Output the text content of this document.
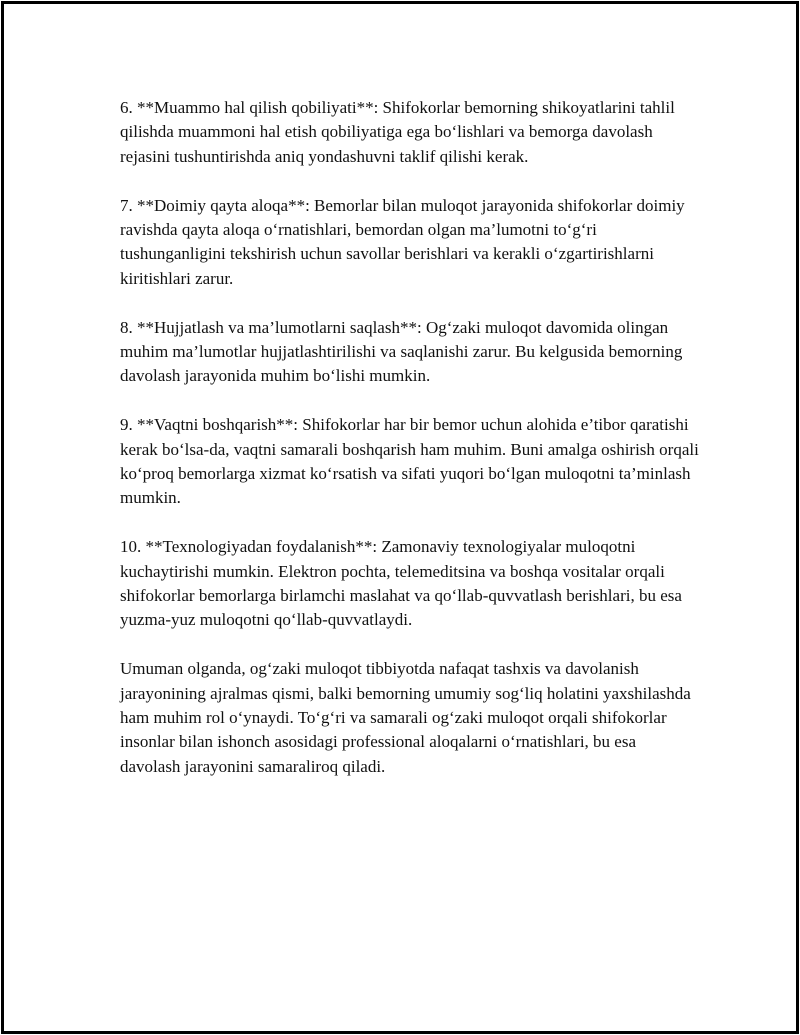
6. **Muammo hal qilish qobiliyati**: Shifokorlar bemorning shikoyatlarini tahlil qilishda muammoni hal etish qobiliyatiga ega bo‘lishlari va bemorga davolash rejasini tushuntirishda aniq yondashuvni taklif qilishi kerak.

7. **Doimiy qayta aloqa**: Bemorlar bilan muloqot jarayonida shifokorlar doimiy ravishda qayta aloqa o‘rnatishlari, bemordan olgan ma’lumotni to‘g‘ri tushunganligini tekshirish uchun savollar berishlari va kerakli o‘zgartirishlarni kiritishlari zarur.

8. **Hujjatlash va ma’lumotlarni saqlash**: Og‘zaki muloqot davomida olingan muhim ma’lumotlar hujjatlashtirilishi va saqlanishi zarur. Bu kelgusida bemorning davolash jarayonida muhim bo‘lishi mumkin.

9. **Vaqtni boshqarish**: Shifokorlar har bir bemor uchun alohida e’tibor qaratishi kerak bo‘lsa-da, vaqtni samarali boshqarish ham muhim. Buni amalga oshirish orqali ko‘proq bemorlarga xizmat ko‘rsatish va sifati yuqori bo‘lgan muloqotni ta’minlash mumkin.

10. **Texnologiyadan foydalanish**: Zamonaviy texnologiyalar muloqotni kuchaytirishi mumkin. Elektron pochta, telemeditsina va boshqa vositalar orqali shifokorlar bemorlarga birlamchi maslahat va qo‘llab-quvvatlash berishlari, bu esa yuzma-yuz muloqotni qo‘llab-quvvatlaydi.

Umuman olganda, og‘zaki muloqot tibbiyotda nafaqat tashxis va davolanish jarayonining ajralmas qismi, balki bemorning umumiy sog‘liq holatini yaxshilashda ham muhim rol o‘ynaydi. To‘g‘ri va samarali og‘zaki muloqot orqali shifokorlar insonlar bilan ishonch asosidagi professional aloqalarni o‘rnatishlari, bu esa davolash jarayonini samaraliroq qiladi.
